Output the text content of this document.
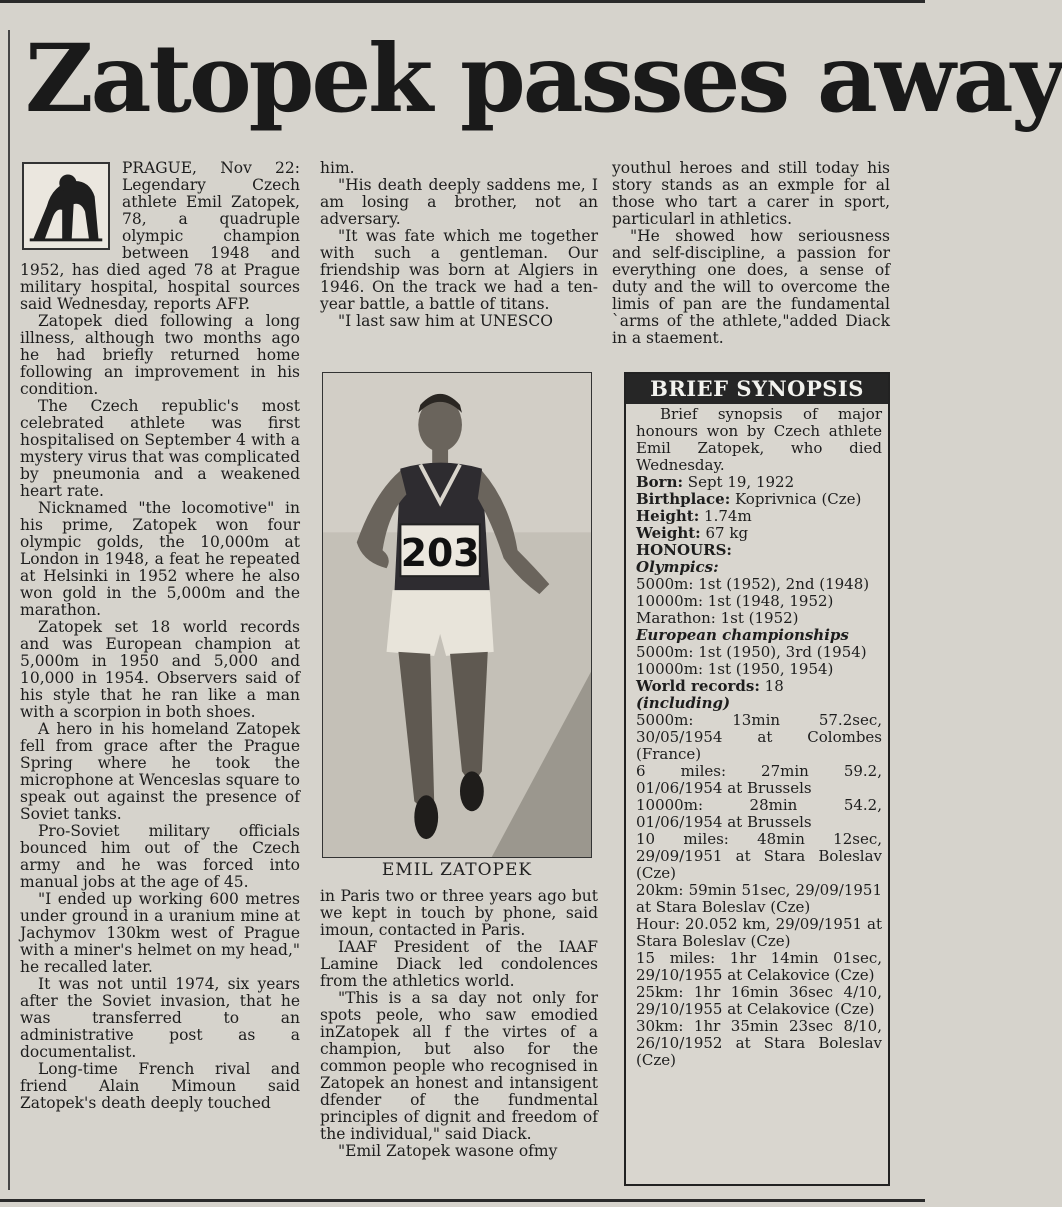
Zatopek passes away

PRAGUE, Nov 22: Legendary Czech athlete Emil Zatopek, 78, a quadruple olympic champion between 1948 and 1952, has died aged 78 at Prague military hospital, hospital sources said Wednesday, reports AFP.

Zatopek died following a long illness, although two months ago he had briefly returned home following an improvement in his condition.

The Czech republic's most celebrated athlete was first hospitalised on September 4 with a mystery virus that was complicated by pneumonia and a weakened heart rate.

Nicknamed "the locomotive" in his prime, Zatopek won four olympic golds, the 10,000m at London in 1948, a feat he repeated at Helsinki in 1952 where he also won gold in the 5,000m and the marathon.

Zatopek set 18 world records and was European champion at 5,000m in 1950 and 5,000 and 10,000 in 1954. Observers said of his style that he ran like a man with a scorpion in both shoes.

A hero in his homeland Zatopek fell from grace after the Prague Spring where he took the microphone at Wenceslas square to speak out against the presence of Soviet tanks.

Pro-Soviet military officials bounced him out of the Czech army and he was forced into manual jobs at the age of 45.

"I ended up working 600 metres under ground in a uranium mine at Jachymov 130km west of Prague with a miner's helmet on my head," he recalled later.

It was not until 1974, six years after the Soviet invasion, that he was transferred to an administrative post as a documentalist.

Long-time French rival and friend Alain Mimoun said Zatopek's death deeply touched

him.

"His death deeply saddens me, I am losing a brother, not an adversary.

"It was fate which me together with such a gentleman. Our friendship was born at Algiers in 1946. On the track we had a ten-year battle, a battle of titans.

"I last saw him at UNESCO

203
EMIL ZATOPEK

in Paris two or three years ago but we kept in touch by phone, said imoun, contacted in Paris.

IAAF President of the IAAF Lamine Diack led condolences from the athletics world.

"This is a sa day not only for spots peole, who saw emodied inZatopek all f the virtes of a champion, but also for the common people who recognised in Zatopek an honest and intansigent dfender of the fundmental principles of dignit and freedom of the individual," said Diack.

"Emil Zatopek wasone ofmy

youthul heroes and still today his story stands as an exmple for al those who tart a carer in sport, particularl in athletics.

"He showed how seriousness and self-discipline, a passion for everything one does, a sense of duty and the will to overcome the limis of pan are the fundamental `arms of the athlete,"added Diack in a staement.

BRIEF SYNOPSIS

Brief synopsis of major honours won by Czech athlete Emil Zatopek, who died Wednesday.

Born: Sept 19, 1922

Birthplace: Koprivnica (Cze)

Height: 1.74m

Weight: 67 kg

HONOURS:

Olympics:

5000m: 1st (1952), 2nd (1948)

10000m: 1st (1948, 1952)

Marathon: 1st (1952)

European championships

5000m: 1st (1950), 3rd (1954)

10000m: 1st (1950, 1954)

World records: 18

(including)

5000m: 13min 57.2sec, 30/05/1954 at Colombes (France)

6 miles: 27min 59.2, 01/06/1954 at Brussels

10000m: 28min 54.2, 01/06/1954 at Brussels

10 miles: 48min 12sec, 29/09/1951 at Stara Boleslav (Cze)

20km: 59min 51sec, 29/09/1951 at Stara Boleslav (Cze)

Hour: 20.052 km, 29/09/1951 at Stara Boleslav (Cze)

15 miles: 1hr 14min 01sec, 29/10/1955 at Celakovice (Cze)

25km: 1hr 16min 36sec 4/10, 29/10/1955 at Celakovice (Cze)

30km: 1hr 35min 23sec 8/10, 26/10/1952 at Stara Boleslav (Cze)
